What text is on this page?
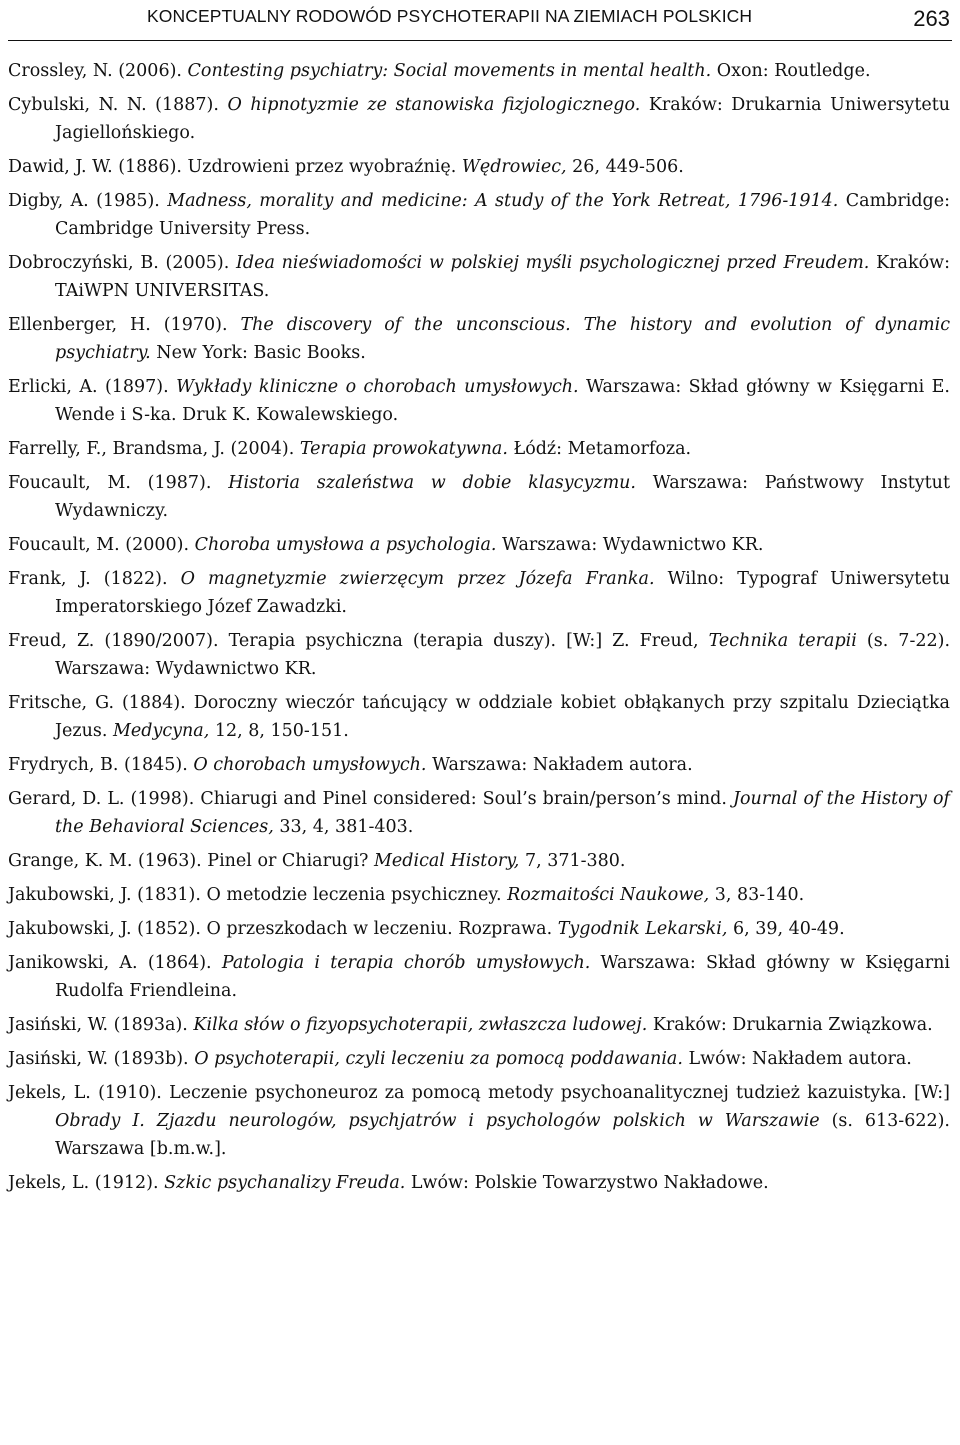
KONCEPTUALNY RODOWÓD PSYCHOTERAPII NA ZIEMIACH POLSKICH	263

Crossley, N. (2006). Contesting psychiatry: Social movements in mental health. Oxon: Routledge.

Cybulski, N. N. (1887). O hipnotyzmie ze stanowiska fizjologicznego. Kraków: Drukarnia Uniwersytetu Jagiellońskiego.

Dawid, J. W. (1886). Uzdrowieni przez wyobraźnię. Wędrowiec, 26, 449-506.

Digby, A. (1985). Madness, morality and medicine: A study of the York Retreat, 1796-1914. Cambridge: Cambridge University Press.

Dobroczyński, B. (2005). Idea nieświadomości w polskiej myśli psychologicznej przed Freudem. Kraków: TAiWPN UNIVERSITAS.

Ellenberger, H. (1970). The discovery of the unconscious. The history and evolution of dynamic psychiatry. New York: Basic Books.

Erlicki, A. (1897). Wykłady kliniczne o chorobach umysłowych. Warszawa: Skład główny w Księgarni E. Wende i S-ka. Druk K. Kowalewskiego.

Farrelly, F., Brandsma, J. (2004). Terapia prowokatywna. Łódź: Metamorfoza.

Foucault, M. (1987). Historia szaleństwa w dobie klasycyzmu. Warszawa: Państwowy Instytut Wydawniczy.

Foucault, M. (2000). Choroba umysłowa a psychologia. Warszawa: Wydawnictwo KR.

Frank, J. (1822). O magnetyzmie zwierzęcym przez Józefa Franka. Wilno: Typograf Uniwersytetu Imperatorskiego Józef Zawadzki.

Freud, Z. (1890/2007). Terapia psychiczna (terapia duszy). [W:] Z. Freud, Technika terapii (s. 7-22). Warszawa: Wydawnictwo KR.

Fritsche, G. (1884). Doroczny wieczór tańcujący w oddziale kobiet obłąkanych przy szpitalu Dzieciątka Jezus. Medycyna, 12, 8, 150-151.

Frydrych, B. (1845). O chorobach umysłowych. Warszawa: Nakładem autora.

Gerard, D. L. (1998). Chiarugi and Pinel considered: Soul’s brain/person’s mind. Journal of the History of the Behavioral Sciences, 33, 4, 381-403.

Grange, K. M. (1963). Pinel or Chiarugi? Medical History, 7, 371-380.

Jakubowski, J. (1831). O metodzie leczenia psychiczney. Rozmaitości Naukowe, 3, 83-140.

Jakubowski, J. (1852). O przeszkodach w leczeniu. Rozprawa. Tygodnik Lekarski, 6, 39, 40-49.

Janikowski, A. (1864). Patologia i terapia chorób umysłowych. Warszawa: Skład główny w Księgarni Rudolfa Friendleina.

Jasiński, W. (1893a). Kilka słów o fizyopsychoterapii, zwłaszcza ludowej. Kraków: Drukarnia Związkowa.

Jasiński, W. (1893b). O psychoterapii, czyli leczeniu za pomocą poddawania. Lwów: Nakładem autora.

Jekels, L. (1910). Leczenie psychoneuroz za pomocą metody psychoanalitycznej tudzież kazuistyka. [W:] Obrady I. Zjazdu neurologów, psychjatrów i psychologów polskich w Warszawie (s. 613-622). Warszawa [b.m.w.].

Jekels, L. (1912). Szkic psychanalizy Freuda. Lwów: Polskie Towarzystwo Nakładowe.
